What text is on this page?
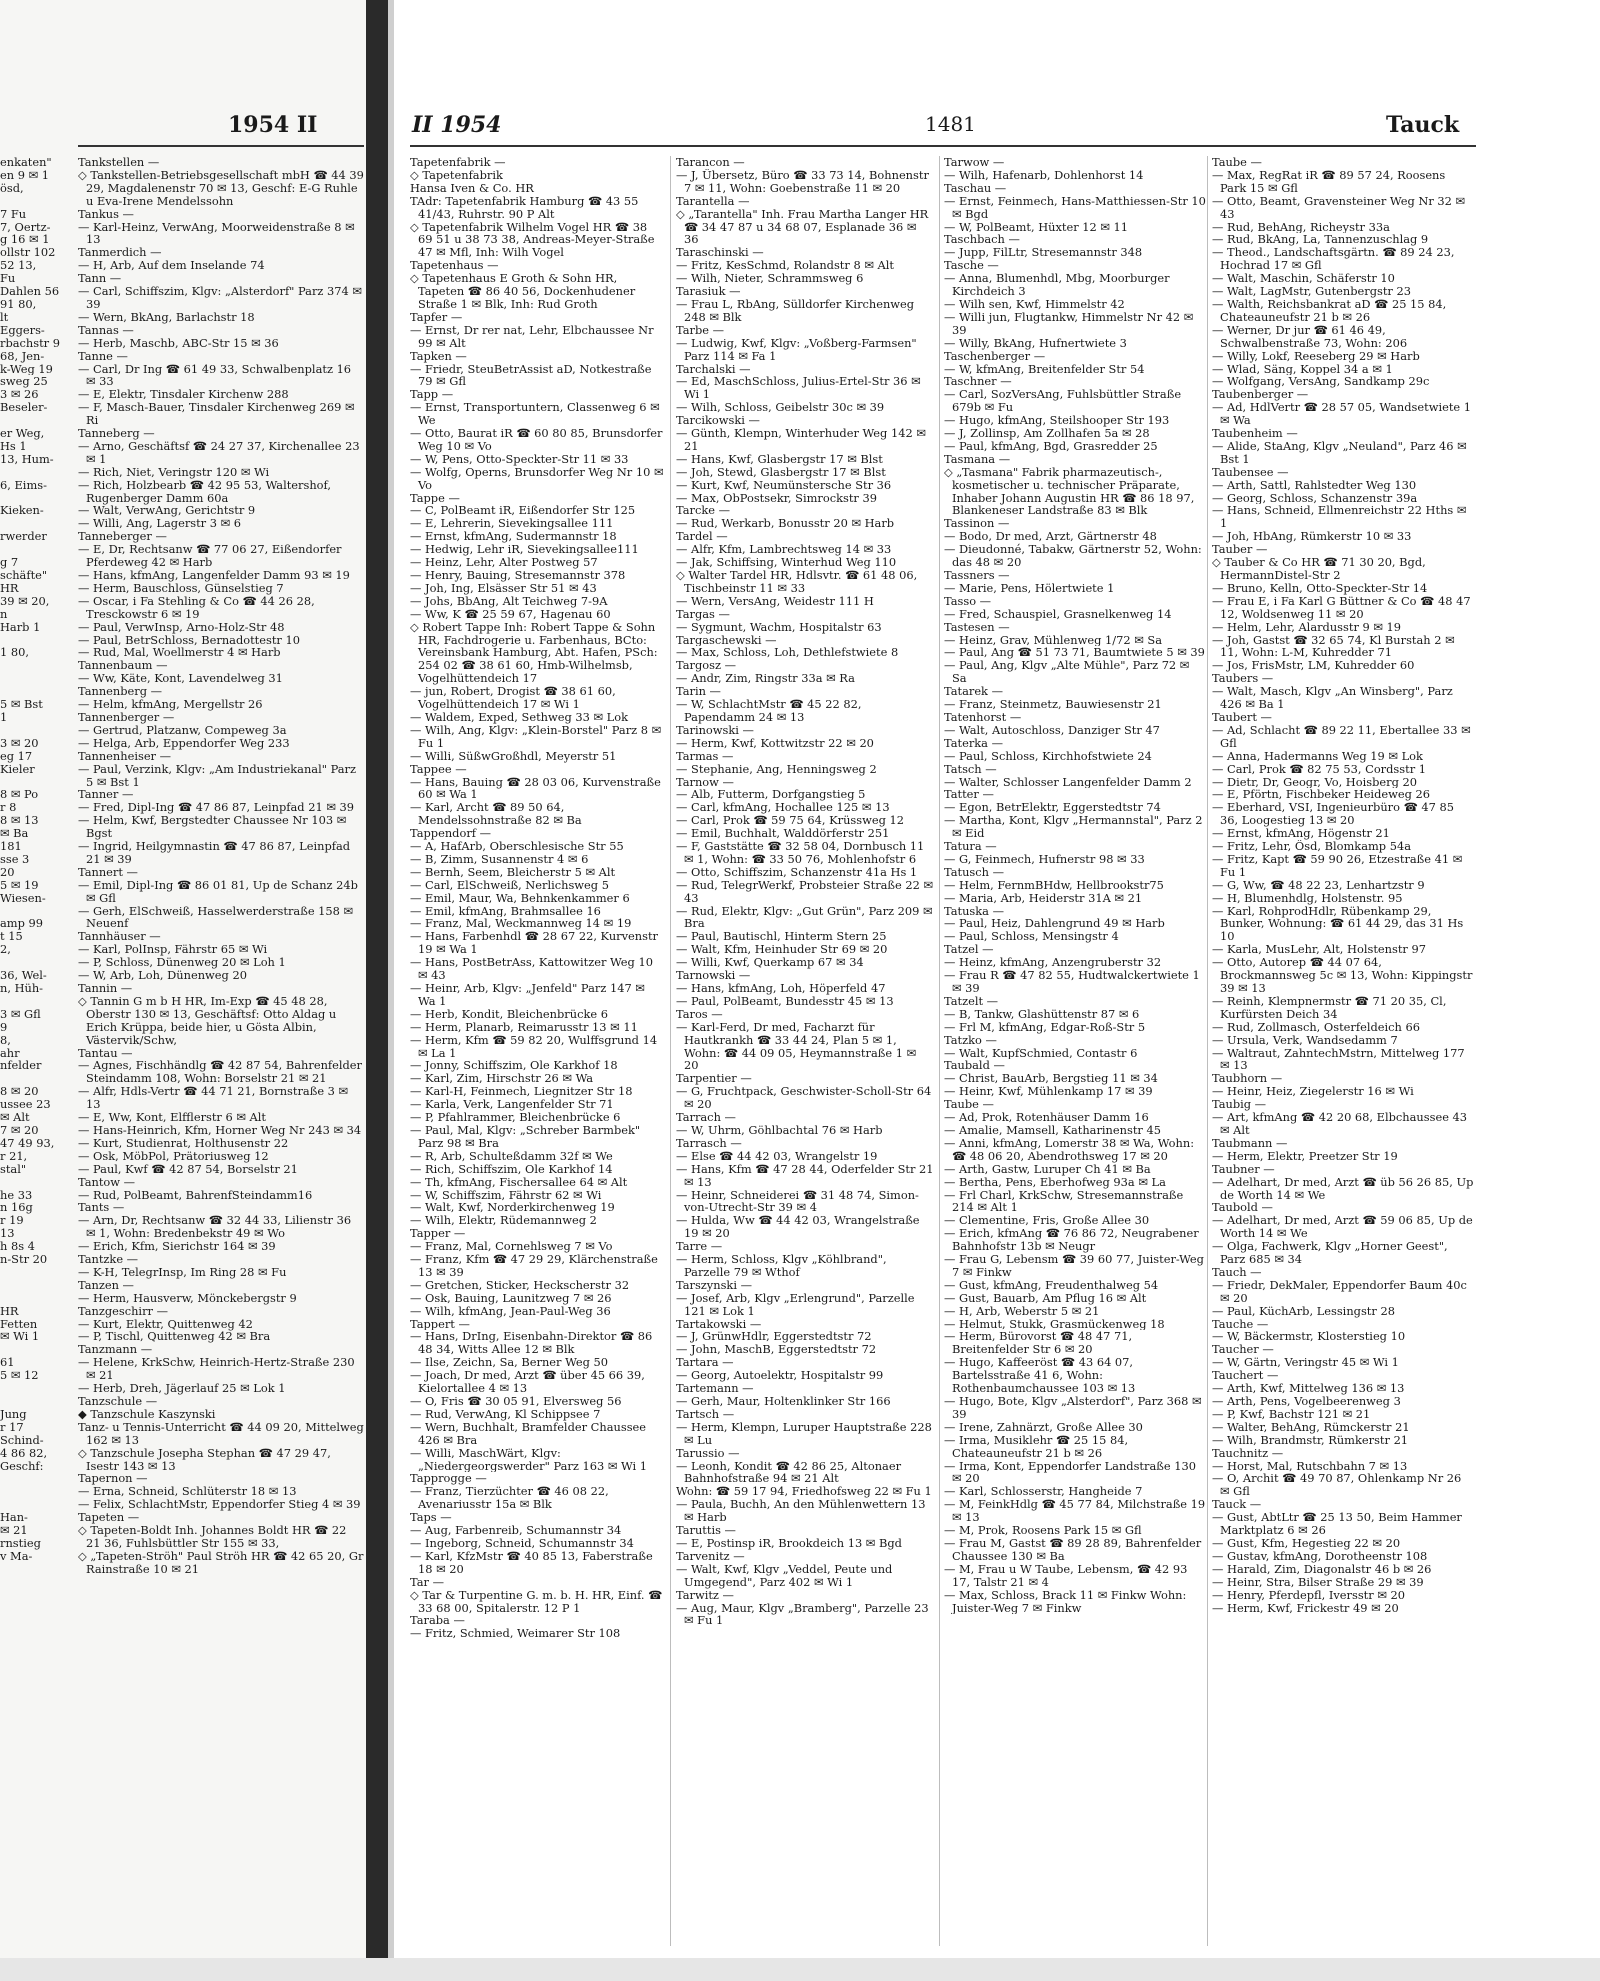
enkaten"
en 9 ✉ 1
ösd,

7 Fu
7, Oertz-
g 16 ✉ 1
ollstr 102
52 13,
Fu
Dahlen 56
91 80,
lt
Eggers-
rbachstr 9
68, Jen-
k-Weg 19
sweg 25
3 ✉ 26
Beseler-

er Weg,
Hs 1
13, Hum-

6, Eims-

Kieken-

rwerder

g 7
schäfte"
HR
39 ✉ 20,
n
Harb 1

1 80,

5 ✉ Bst
1

3 ✉ 20
eg 17
Kieler

8 ✉ Po
r 8
8 ✉ 13
✉ Ba
181
sse 3
20
5 ✉ 19
Wiesen-

amp 99
t 15
2,

36, Wel-
n, Hüh-

3 ✉ Gfl
9
8,
ahr
nfelder

8 ✉ 20
ussee 23
✉ Alt
7 ✉ 20
47 49 93,
r 21,
stal"

he 33
n 16g
r 19
13
h 8s 4
n-Str 20

HR
Fetten
✉ Wi 1

61
5 ✉ 12

Jung
r 17
Schind-
4 86 82,
Geschf:

Han-
✉ 21
rnstieg
v Ma-
Tankstellen —
◇ Tankstellen-Betriebsgesellschaft mbH ☎ 44 39 29, Magdalenenstr 70 ✉ 13, Geschf: E-G Ruhle u Eva-Irene Mendelssohn
Tankus —
— Karl-Heinz, VerwAng, Moorweidenstraße 8 ✉ 13
Tanmerdich —
— H, Arb, Auf dem Inselande 74
Tann —
— Carl, Schiffszim, Klgv: „Alsterdorf" Parz 374 ✉ 39
— Wern, BkAng, Barlachstr 18
Tannas —
— Herb, Maschb, ABC-Str 15 ✉ 36
Tanne —
— Carl, Dr Ing ☎ 61 49 33, Schwalbenplatz 16 ✉ 33
— E, Elektr, Tinsdaler Kirchenw 288
— F, Masch-Bauer, Tinsdaler Kirchenweg 269 ✉ Ri
Tanneberg —
— Arno, Geschäftsf ☎ 24 27 37, Kirchenallee 23 ✉ 1
— Rich, Niet, Veringstr 120 ✉ Wi
— Rich, Holzbearb ☎ 42 95 53, Waltershof, Rugenberger Damm 60a
— Walt, VerwAng, Gerichtstr 9
— Willi, Ang, Lagerstr 3 ✉ 6
Tanneberger —
— E, Dr, Rechtsanw ☎ 77 06 27, Eißendorfer Pferdeweg 42 ✉ Harb
— Hans, kfmAng, Langenfelder Damm 93 ✉ 19
— Herm, Bauschloss, Günselstieg 7
— Oscar, i Fa Stehling & Co ☎ 44 26 28, Tresckowstr 6 ✉ 19
— Paul, VerwInsp, Arno-Holz-Str 48
— Paul, BetrSchloss, Bernadottestr 10
— Rud, Mal, Woellmerstr 4 ✉ Harb
Tannenbaum —
— Ww, Käte, Kont, Lavendelweg 31
Tannenberg —
— Helm, kfmAng, Mergellstr 26
Tannenberger —
— Gertrud, Platzanw, Compeweg 3a
— Helga, Arb, Eppendorfer Weg 233
Tannenheiser —
— Paul, Verzink, Klgv: „Am Industriekanal" Parz 5 ✉ Bst 1
Tanner —
— Fred, Dipl-Ing ☎ 47 86 87, Leinpfad 21 ✉ 39
— Helm, Kwf, Bergstedter Chaussee Nr 103 ✉ Bgst
— Ingrid, Heilgymnastin ☎ 47 86 87, Leinpfad 21 ✉ 39
Tannert —
— Emil, Dipl-Ing ☎ 86 01 81, Up de Schanz 24b ✉ Gfl
— Gerh, ElSchweiß, Hasselwerderstraße 158 ✉ Neuenf
Tannhäuser —
— Karl, PolInsp, Fährstr 65 ✉ Wi
— P, Schloss, Dünenweg 20 ✉ Loh 1
— W, Arb, Loh, Dünenweg 20
Tannin —
◇ Tannin G m b H HR, Im-Exp ☎ 45 48 28, Oberstr 130 ✉ 13, Geschäftsf: Otto Aldag u Erich Krüppa, beide hier, u Gösta Albin, Västervik/Schw,
Tantau —
— Agnes, Fischhändlg ☎ 42 87 54, Bahrenfelder Steindamm 108, Wohn: Borselstr 21 ✉ 21
— Alfr, Hdls-Vertr ☎ 44 71 21, Bornstraße 3 ✉ 13
— E, Ww, Kont, Elfflerstr 6 ✉ Alt
— Hans-Heinrich, Kfm, Horner Weg Nr 243 ✉ 34
— Kurt, Studienrat, Holthusenstr 22
— Osk, MöbPol, Prätoriusweg 12
— Paul, Kwf ☎ 42 87 54, Borselstr 21
Tantow —
— Rud, PolBeamt, BahrenfSteindamm16
Tants —
— Arn, Dr, Rechtsanw ☎ 32 44 33, Lilienstr 36 ✉ 1, Wohn: Bredenbekstr 49 ✉ Wo
— Erich, Kfm, Sierichstr 164 ✉ 39
Tantzke —
— K-H, TelegrInsp, Im Ring 28 ✉ Fu
Tanzen —
— Herm, Hausverw, Mönckebergstr 9
Tanzgeschirr —
— Kurt, Elektr, Quittenweg 42
— P, Tischl, Quittenweg 42 ✉ Bra
Tanzmann —
— Helene, KrkSchw, Heinrich-Hertz-Straße 230 ✉ 21
— Herb, Dreh, Jägerlauf 25 ✉ Lok 1
Tanzschule —
◆ Tanzschule Kaszynski
Tanz- u Tennis-Unterricht ☎ 44 09 20, Mittelweg 162 ✉ 13
◇ Tanzschule Josepha Stephan ☎ 47 29 47, Isestr 143 ✉ 13
Tapernon —
— Erna, Schneid, Schlüterstr 18 ✉ 13
— Felix, SchlachtMstr, Eppendorfer Stieg 4 ✉ 39
Tapeten —
◇ Tapeten-Boldt Inh. Johannes Boldt HR ☎ 22 21 36, Fuhlsbüttler Str 155 ✉ 33,
◇ „Tapeten-Ströh" Paul Ströh HR ☎ 42 65 20, Gr Rainstraße 10 ✉ 21
1954 II	II 1954	1481	Tauck
Tapetenfabrik —
◇ Tapetenfabrik
Hansa Iven & Co. HR
TAdr: Tapetenfabrik Hamburg ☎ 43 55 41/43, Ruhrstr. 90 P Alt
◇ Tapetenfabrik Wilhelm Vogel HR ☎ 38 69 51 u 38 73 38, Andreas-Meyer-Straße 47 ✉ Mfl, Inh: Wilh Vogel
Tapetenhaus —
◇ Tapetenhaus E Groth & Sohn HR, Tapeten ☎ 86 40 56, Dockenhudener Straße 1 ✉ Blk, Inh: Rud Groth
Tapfer —
— Ernst, Dr rer nat, Lehr, Elbchaussee Nr 99 ✉ Alt
Tapken —
— Friedr, SteuBetrAssist aD, Notkestraße 79 ✉ Gfl
Tapp —
— Ernst, Transportuntern, Classenweg 6 ✉ We
— Otto, Baurat iR ☎ 60 80 85, Brunsdorfer Weg 10 ✉ Vo
— W, Pens, Otto-Speckter-Str 11 ✉ 33
— Wolfg, Operns, Brunsdorfer Weg Nr 10 ✉ Vo
Tappe —
— C, PolBeamt iR, Eißendorfer Str 125
— E, Lehrerin, Sievekingsallee 111
— Ernst, kfmAng, Sudermannstr 18
— Hedwig, Lehr iR, Sievekingsallee111
— Heinz, Lehr, Alter Postweg 57
— Henry, Bauing, Stresemannstr 378
— Joh, Ing, Elsässer Str 51 ✉ 43
— Johs, BbAng, Alt Teichweg 7-9A
— Ww, K ☎ 25 59 67, Hagenau 60
◇ Robert Tappe Inh: Robert Tappe & Sohn HR, Fachdrogerie u. Farbenhaus, BCto: Vereinsbank Hamburg, Abt. Hafen, PSch: 254 02 ☎ 38 61 60, Hmb-Wilhelmsb, Vogelhüttendeich 17
— jun, Robert, Drogist ☎ 38 61 60, Vogelhüttendeich 17 ✉ Wi 1
— Waldem, Exped, Sethweg 33 ✉ Lok
— Wilh, Ang, Klgv: „Klein-Borstel" Parz 8 ✉ Fu 1
— Willi, SüßwGroßhdl, Meyerstr 51
Tappee —
— Hans, Bauing ☎ 28 03 06, Kurvenstraße 60 ✉ Wa 1
— Karl, Archt ☎ 89 50 64, Mendelssohnstraße 82 ✉ Ba
Tappendorf —
— A, HafArb, Oberschlesische Str 55
— B, Zimm, Susannenstr 4 ✉ 6
— Bernh, Seem, Bleicherstr 5 ✉ Alt
— Carl, ElSchweiß, Nerlichsweg 5
— Emil, Maur, Wa, Behnkenkammer 6
— Emil, kfmAng, Brahmsallee 16
— Franz, Mal, Weckmannweg 14 ✉ 19
— Hans, Farbenhdl ☎ 28 67 22, Kurvenstr 19 ✉ Wa 1
— Hans, PostBetrAss, Kattowitzer Weg 10 ✉ 43
— Heinr, Arb, Klgv: „Jenfeld" Parz 147 ✉ Wa 1
— Herb, Kondit, Bleichenbrücke 6
— Herm, Planarb, Reimarusstr 13 ✉ 11
— Herm, Kfm ☎ 59 82 20, Wulffsgrund 14 ✉ La 1
— Jonny, Schiffszim, Ole Karkhof 18
— Karl, Zim, Hirschstr 26 ✉ Wa
— Karl-H, Feinmech, Liegnitzer Str 18
— Karla, Verk, Langenfelder Str 71
— P, Pfahlrammer, Bleichenbrücke 6
— Paul, Mal, Klgv: „Schreber Barmbek" Parz 98 ✉ Bra
— R, Arb, Schulteßdamm 32f ✉ We
— Rich, Schiffszim, Ole Karkhof 14
— Th, kfmAng, Fischersallee 64 ✉ Alt
— W, Schiffszim, Fährstr 62 ✉ Wi
— Walt, Kwf, Norderkirchenweg 19
— Wilh, Elektr, Rüdemannweg 2
Tapper —
— Franz, Mal, Cornehlsweg 7 ✉ Vo
— Franz, Kfm ☎ 47 29 29, Klärchenstraße 13 ✉ 39
— Gretchen, Sticker, Heckscherstr 32
— Osk, Bauing, Launitzweg 7 ✉ 26
— Wilh, kfmAng, Jean-Paul-Weg 36
Tappert —
— Hans, DrIng, Eisenbahn-Direktor ☎ 86 48 34, Witts Allee 12 ✉ Blk
— Ilse, Zeichn, Sa, Berner Weg 50
— Joach, Dr med, Arzt ☎ über 45 66 39, Kielortallee 4 ✉ 13
— O, Fris ☎ 30 05 91, Elversweg 56
— Rud, VerwAng, Kl Schippsee 7
— Wern, Buchhalt, Bramfelder Chaussee 426 ✉ Bra
— Willi, MaschWärt, Klgv: „Niedergeorgswerder" Parz 163 ✉ Wi 1
Tapprogge —
— Franz, Tierzüchter ☎ 46 08 22, Avenariusstr 15a ✉ Blk
Taps —
— Aug, Farbenreib, Schumannstr 34
— Ingeborg, Schneid, Schumannstr 34
— Karl, KfzMstr ☎ 40 85 13, Faberstraße 18 ✉ 20
Tar —
◇ Tar & Turpentine G. m. b. H. HR, Einf. ☎ 33 68 00, Spitalerstr. 12 P 1
Taraba —
— Fritz, Schmied, Weimarer Str 108
Tarancon —
— J, Übersetz, Büro ☎ 33 73 14, Bohnenstr 7 ✉ 11, Wohn: Goebenstraße 11 ✉ 20
Tarantella —
◇ „Tarantella" Inh. Frau Martha Langer HR ☎ 34 47 87 u 34 68 07, Esplanade 36 ✉ 36
Taraschinski —
— Fritz, KesSchmd, Rolandstr 8 ✉ Alt
— Wilh, Nieter, Schrammsweg 6
Tarasiuk —
— Frau L, RbAng, Sülldorfer Kirchenweg 248 ✉ Blk
Tarbe —
— Ludwig, Kwf, Klgv: „Voßberg-Farmsen" Parz 114 ✉ Fa 1
Tarchalski —
— Ed, MaschSchloss, Julius-Ertel-Str 36 ✉ Wi 1
— Wilh, Schloss, Geibelstr 30c ✉ 39
Tarcikowski —
— Günth, Klempn, Winterhuder Weg 142 ✉ 21
— Hans, Kwf, Glasbergstr 17 ✉ Blst
— Joh, Stewd, Glasbergstr 17 ✉ Blst
— Kurt, Kwf, Neumünstersche Str 36
— Max, ObPostsekr, Simrockstr 39
Tarcke —
— Rud, Werkarb, Bonusstr 20 ✉ Harb
Tardel —
— Alfr, Kfm, Lambrechtsweg 14 ✉ 33
— Jak, Schiffsing, Winterhud Weg 110
◇ Walter Tardel HR, Hdlsvtr. ☎ 61 48 06, Tischbeinstr 11 ✉ 33
— Wern, VersAng, Weidestr 111 H
Targas —
— Sygmunt, Wachm, Hospitalstr 63
Targaschewski —
— Max, Schloss, Loh, Dethlefstwiete 8
Targosz —
— Andr, Zim, Ringstr 33a ✉ Ra
Tarin —
— W, SchlachtMstr ☎ 45 22 82, Papendamm 24 ✉ 13
Tarinowski —
— Herm, Kwf, Kottwitzstr 22 ✉ 20
Tarmas —
— Stephanie, Ang, Henningsweg 2
Tarnow —
— Alb, Futterm, Dorfgangstieg 5
— Carl, kfmAng, Hochallee 125 ✉ 13
— Carl, Prok ☎ 59 75 64, Krüssweg 12
— Emil, Buchhalt, Walddörferstr 251
— F, Gaststätte ☎ 32 58 04, Dornbusch 11 ✉ 1, Wohn: ☎ 33 50 76, Mohlenhofstr 6
— Otto, Schiffszim, Schanzenstr 41a Hs 1
— Rud, TelegrWerkf, Probsteier Straße 22 ✉ 43
— Rud, Elektr, Klgv: „Gut Grün", Parz 209 ✉ Bra
— Paul, Bautischl, Hinterm Stern 25
— Walt, Kfm, Heinhuder Str 69 ✉ 20
— Willi, Kwf, Querkamp 67 ✉ 34
Tarnowski —
— Hans, kfmAng, Loh, Höperfeld 47
— Paul, PolBeamt, Bundesstr 45 ✉ 13
Taros —
— Karl-Ferd, Dr med, Facharzt für Hautkrankh ☎ 33 44 24, Plan 5 ✉ 1, Wohn: ☎ 44 09 05, Heymannstraße 1 ✉ 20
Tarpentier —
— G, Fruchtpack, Geschwister-Scholl-Str 64 ✉ 20
Tarrach —
— W, Uhrm, Göhlbachtal 76 ✉ Harb
Tarrasch —
— Else ☎ 44 42 03, Wrangelstr 19
— Hans, Kfm ☎ 47 28 44, Oderfelder Str 21 ✉ 13
— Heinr, Schneiderei ☎ 31 48 74, Simon-von-Utrecht-Str 39 ✉ 4
— Hulda, Ww ☎ 44 42 03, Wrangelstraße 19 ✉ 20
Tarre —
— Herm, Schloss, Klgv „Köhlbrand", Parzelle 79 ✉ Wthof
Tarszynski —
— Josef, Arb, Klgv „Erlengrund", Parzelle 121 ✉ Lok 1
Tartakowski —
— J, GrünwHdlr, Eggerstedtstr 72
— John, MaschB, Eggerstedtstr 72
Tartara —
— Georg, Autoelektr, Hospitalstr 99
Tartemann —
— Gerh, Maur, Holtenklinker Str 166
Tartsch —
— Herm, Klempn, Luruper Hauptstraße 228 ✉ Lu
Tarussio —
— Leonh, Kondit ☎ 42 86 25, Altonaer Bahnhofstraße 94 ✉ 21 Alt
Wohn: ☎ 59 17 94, Friedhofsweg 22 ✉ Fu 1
— Paula, Buchh, An den Mühlenwettern 13 ✉ Harb
Taruttis —
— E, Postinsp iR, Brookdeich 13 ✉ Bgd
Tarvenitz —
— Walt, Kwf, Klgv „Veddel, Peute und Umgegend", Parz 402 ✉ Wi 1
Tarwitz —
— Aug, Maur, Klgv „Bramberg", Parzelle 23 ✉ Fu 1
Tarwow —
— Wilh, Hafenarb, Dohlenhorst 14
Taschau —
— Ernst, Feinmech, Hans-Matthiessen-Str 10 ✉ Bgd
— W, PolBeamt, Hüxter 12 ✉ 11
Taschbach —
— Jupp, FilLtr, Stresemannstr 348
Tasche —
— Anna, Blumenhdl, Mbg, Moorburger Kirchdeich 3
— Wilh sen, Kwf, Himmelstr 42
— Willi jun, Flugtankw, Himmelstr Nr 42 ✉ 39
— Willy, BkAng, Hufnertwiete 3
Taschenberger —
— W, kfmAng, Breitenfelder Str 54
Taschner —
— Carl, SozVersAng, Fuhlsbüttler Straße 679b ✉ Fu
— Hugo, kfmAng, Steilshooper Str 193
— J, Zollinsp, Am Zollhafen 5a ✉ 28
— Paul, kfmAng, Bgd, Grasredder 25
Tasmana —
◇ „Tasmana" Fabrik pharmazeutisch-, kosmetischer u. technischer Präparate, Inhaber Johann Augustin HR ☎ 86 18 97, Blankeneser Landstraße 83 ✉ Blk
Tassinon —
— Bodo, Dr med, Arzt, Gärtnerstr 48
— Dieudonné, Tabakw, Gärtnerstr 52, Wohn: das 48 ✉ 20
Tassners —
— Marie, Pens, Hölertwiete 1
Tasso —
— Fred, Schauspiel, Grasnelkenweg 14
Tastesen —
— Heinz, Grav, Mühlenweg 1/72 ✉ Sa
— Paul, Ang ☎ 51 73 71, Baumtwiete 5 ✉ 39
— Paul, Ang, Klgv „Alte Mühle", Parz 72 ✉ Sa
Tatarek —
— Franz, Steinmetz, Bauwiesenstr 21
Tatenhorst —
— Walt, Autoschloss, Danziger Str 47
Taterka —
— Paul, Schloss, Kirchhofstwiete 24
Tatsch —
— Walter, Schlosser Langenfelder Damm 2
Tatter —
— Egon, BetrElektr, Eggerstedtstr 74
— Martha, Kont, Klgv „Hermannstal", Parz 2 ✉ Eid
Tatura —
— G, Feinmech, Hufnerstr 98 ✉ 33
Tatusch —
— Helm, FernmBHdw, Hellbrookstr75
— Maria, Arb, Heiderstr 31A ✉ 21
Tatuska —
— Paul, Heiz, Dahlengrund 49 ✉ Harb
— Paul, Schloss, Mensingstr 4
Tatzel —
— Heinz, kfmAng, Anzengruberstr 32
— Frau R ☎ 47 82 55, Hudtwalckertwiete 1 ✉ 39
Tatzelt —
— B, Tankw, Glashüttenstr 87 ✉ 6
— Frl M, kfmAng, Edgar-Roß-Str 5
Tatzko —
— Walt, KupfSchmied, Contastr 6
Taubald —
— Christ, BauArb, Bergstieg 11 ✉ 34
— Heinr, Kwf, Mühlenkamp 17 ✉ 39
Taube —
— Ad, Prok, Rotenhäuser Damm 16
— Amalie, Mamsell, Katharinenstr 45
— Anni, kfmAng, Lomerstr 38 ✉ Wa, Wohn: ☎ 48 06 20, Abendrothsweg 17 ✉ 20
— Arth, Gastw, Luruper Ch 41 ✉ Ba
— Bertha, Pens, Eberhofweg 93a ✉ La
— Frl Charl, KrkSchw, Stresemannstraße 214 ✉ Alt 1
— Clementine, Fris, Große Allee 30
— Erich, kfmAng ☎ 76 86 72, Neugrabener Bahnhofstr 13b ✉ Neugr
— Frau G, Lebensm ☎ 39 60 77, Juister-Weg 7 ✉ Finkw
— Gust, kfmAng, Freudenthalweg 54
— Gust, Bauarb, Am Pflug 16 ✉ Alt
— H, Arb, Weberstr 5 ✉ 21
— Helmut, Stukk, Grasmückenweg 18
— Herm, Bürovorst ☎ 48 47 71, Breitenfelder Str 6 ✉ 20
— Hugo, Kaffeeröst ☎ 43 64 07, Bartelsstraße 41 6, Wohn: Rothenbaumchaussee 103 ✉ 13
— Hugo, Bote, Klgv „Alsterdorf", Parz 368 ✉ 39
— Irene, Zahnärzt, Große Allee 30
— Irma, Musiklehr ☎ 25 15 84, Chateauneufstr 21 b ✉ 26
— Irma, Kont, Eppendorfer Landstraße 130 ✉ 20
— Karl, Schlosserstr, Hangheide 7
— M, FeinkHdlg ☎ 45 77 84, Milchstraße 19 ✉ 13
— M, Prok, Roosens Park 15 ✉ Gfl
— Frau M, Gastst ☎ 89 28 89, Bahrenfelder Chaussee 130 ✉ Ba
— M, Frau u W Taube, Lebensm, ☎ 42 93 17, Talstr 21 ✉ 4
— Max, Schloss, Brack 11 ✉ Finkw Wohn: Juister-Weg 7 ✉ Finkw
Taube —
— Max, RegRat iR ☎ 89 57 24, Roosens Park 15 ✉ Gfl
— Otto, Beamt, Gravensteiner Weg Nr 32 ✉ 43
— Rud, BehAng, Richeystr 33a
— Rud, BkAng, La, Tannenzuschlag 9
— Theod., Landschaftsgärtn. ☎ 89 24 23, Hochrad 17 ✉ Gfl
— Walt, Maschin, Schäferstr 10
— Walt, LagMstr, Gutenbergstr 23
— Walth, Reichsbankrat aD ☎ 25 15 84, Chateauneufstr 21 b ✉ 26
— Werner, Dr jur ☎ 61 46 49, Schwalbenstraße 73, Wohn: 206
— Willy, Lokf, Reeseberg 29 ✉ Harb
— Wlad, Säng, Koppel 34 a ✉ 1
— Wolfgang, VersAng, Sandkamp 29c
Taubenberger —
— Ad, HdlVertr ☎ 28 57 05, Wandsetwiete 1 ✉ Wa
Taubenheim —
— Alide, StaAng, Klgv „Neuland", Parz 46 ✉ Bst 1
Taubensee —
— Arth, Sattl, Rahlstedter Weg 130
— Georg, Schloss, Schanzenstr 39a
— Hans, Schneid, Ellmenreichstr 22 Hths ✉ 1
— Joh, HbAng, Rümkerstr 10 ✉ 33
Tauber —
◇ Tauber & Co HR ☎ 71 30 20, Bgd, HermannDistel-Str 2
— Bruno, Kelln, Otto-Speckter-Str 14
— Frau E, i Fa Karl G Büttner & Co ☎ 48 47 12, Woldsenweg 11 ✉ 20
— Helm, Lehr, Alardusstr 9 ✉ 19
— Joh, Gastst ☎ 32 65 74, Kl Burstah 2 ✉ 11, Wohn: L-M, Kuhredder 71
— Jos, FrisMstr, LM, Kuhredder 60
Taubers —
— Walt, Masch, Klgv „An Winsberg", Parz 426 ✉ Ba 1
Taubert —
— Ad, Schlacht ☎ 89 22 11, Ebertallee 33 ✉ Gfl
— Anna, Hadermanns Weg 19 ✉ Lok
— Carl, Prok ☎ 82 75 53, Cordsstr 1
— Dietr, Dr, Geogr, Vo, Hoisberg 20
— E, Pförtn, Fischbeker Heideweg 26
— Eberhard, VSI, Ingenieurbüro ☎ 47 85 36, Loogestieg 13 ✉ 20
— Ernst, kfmAng, Högenstr 21
— Fritz, Lehr, Ösd, Blomkamp 54a
— Fritz, Kapt ☎ 59 90 26, Etzestraße 41 ✉ Fu 1
— G, Ww, ☎ 48 22 23, Lenhartzstr 9
— H, Blumenhdlg, Holstenstr. 95
— Karl, RohprodHdlr, Rübenkamp 29, Bunker, Wohnung: ☎ 61 44 29, das 31 Hs 10
— Karla, MusLehr, Alt, Holstenstr 97
— Otto, Autorep ☎ 44 07 64, Brockmannsweg 5c ✉ 13, Wohn: Kippingstr 39 ✉ 13
— Reinh, Klempnermstr ☎ 71 20 35, Cl, Kurfürsten Deich 34
— Rud, Zollmasch, Osterfeldeich 66
— Ursula, Verk, Wandsedamm 7
— Waltraut, ZahntechMstrn, Mittelweg 177 ✉ 13
Taubhorn —
— Heinr, Heiz, Ziegelerstr 16 ✉ Wi
Taubig —
— Art, kfmAng ☎ 42 20 68, Elbchaussee 43 ✉ Alt
Taubmann —
— Herm, Elektr, Preetzer Str 19
Taubner —
— Adelhart, Dr med, Arzt ☎ üb 56 26 85, Up de Worth 14 ✉ We
Taubold —
— Adelhart, Dr med, Arzt ☎ 59 06 85, Up de Worth 14 ✉ We
— Olga, Fachwerk, Klgv „Horner Geest", Parz 685 ✉ 34
Tauch —
— Friedr, DekMaler, Eppendorfer Baum 40c ✉ 20
— Paul, KüchArb, Lessingstr 28
Tauche —
— W, Bäckermstr, Klosterstieg 10
Taucher —
— W, Gärtn, Veringstr 45 ✉ Wi 1
Tauchert —
— Arth, Kwf, Mittelweg 136 ✉ 13
— Arth, Pens, Vogelbeerenweg 3
— P, Kwf, Bachstr 121 ✉ 21
— Walter, BehAng, Rümckerstr 21
— Wilh, Brandmstr, Rümkerstr 21
Tauchnitz —
— Horst, Mal, Rutschbahn 7 ✉ 13
— O, Archit ☎ 49 70 87, Ohlenkamp Nr 26 ✉ Gfl
Tauck —
— Gust, AbtLtr ☎ 25 13 50, Beim Hammer Marktplatz 6 ✉ 26
— Gust, Kfm, Hegestieg 22 ✉ 20
— Gustav, kfmAng, Dorotheenstr 108
— Harald, Zim, Diagonalstr 46 b ✉ 26
— Heinr, Stra, Bilser Straße 29 ✉ 39
— Henry, Pferdepfl, Iversstr ✉ 20
— Herm, Kwf, Frickestr 49 ✉ 20
